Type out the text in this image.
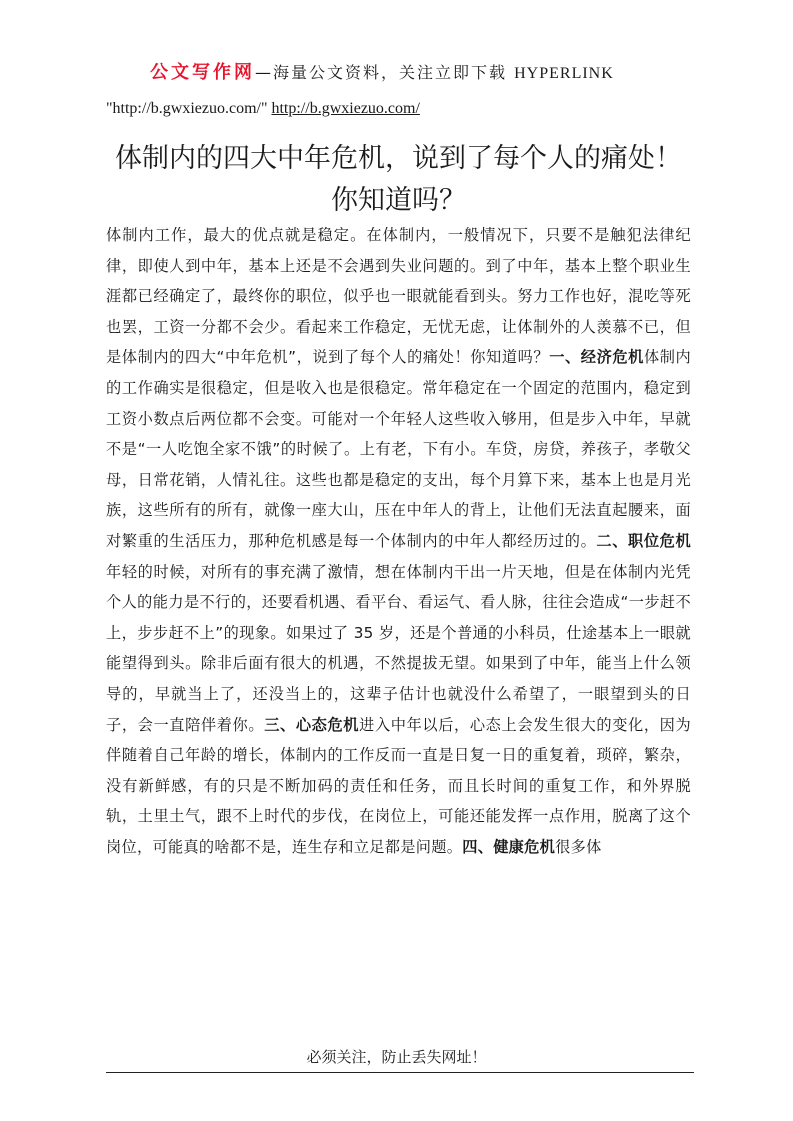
公文写作网—海量公文资料，关注立即下载 HYPERLINK
"http://b.gwxiezuo.com/" http://b.gwxiezuo.com/
体制内的四大中年危机，说到了每个人的痛处！你知道吗？

体制内工作，最大的优点就是稳定。在体制内，一般情况下，只要不是触犯法律纪律，即使人到中年，基本上还是不会遇到失业问题的。到了中年，基本上整个职业生涯都已经确定了，最终你的职位，似乎也一眼就能看到头。努力工作也好，混吃等死也罢，工资一分都不会少。看起来工作稳定，无忧无虑，让体制外的人羡慕不已，但是体制内的四大“中年危机”，说到了每个人的痛处！你知道吗？一、经济危机体制内的工作确实是很稳定，但是收入也是很稳定。常年稳定在一个固定的范围内，稳定到工资小数点后两位都不会变。可能对一个年轻人这些收入够用，但是步入中年，早就不是“一人吃饱全家不饿”的时候了。上有老，下有小。车贷，房贷，养孩子，孝敬父母，日常花销，人情礼往。这些也都是稳定的支出，每个月算下来，基本上也是月光族，这些所有的所有，就像一座大山，压在中年人的背上，让他们无法直起腰来，面对繁重的生活压力，那种危机感是每一个体制内的中年人都经历过的。二、职位危机年轻的时候，对所有的事充满了激情，想在体制内干出一片天地，但是在体制内光凭个人的能力是不行的，还要看机遇、看平台、看运气、看人脉，往往会造成“一步赶不上，步步赶不上”的现象。如果过了 35 岁，还是个普通的小科员，仕途基本上一眼就能望得到头。除非后面有很大的机遇，不然提拔无望。如果到了中年，能当上什么领导的，早就当上了，还没当上的，这辈子估计也就没什么希望了，一眼望到头的日子，会一直陪伴着你。三、心态危机进入中年以后，心态上会发生很大的变化，因为伴随着自己年龄的增长，体制内的工作反而一直是日复一日的重复着，琐碎，繁杂，没有新鲜感，有的只是不断加码的责任和任务，而且长时间的重复工作，和外界脱轨，土里土气，跟不上时代的步伐，在岗位上，可能还能发挥一点作用，脱离了这个岗位，可能真的啥都不是，连生存和立足都是问题。四、健康危机很多体

必须关注，防止丢失网址！
